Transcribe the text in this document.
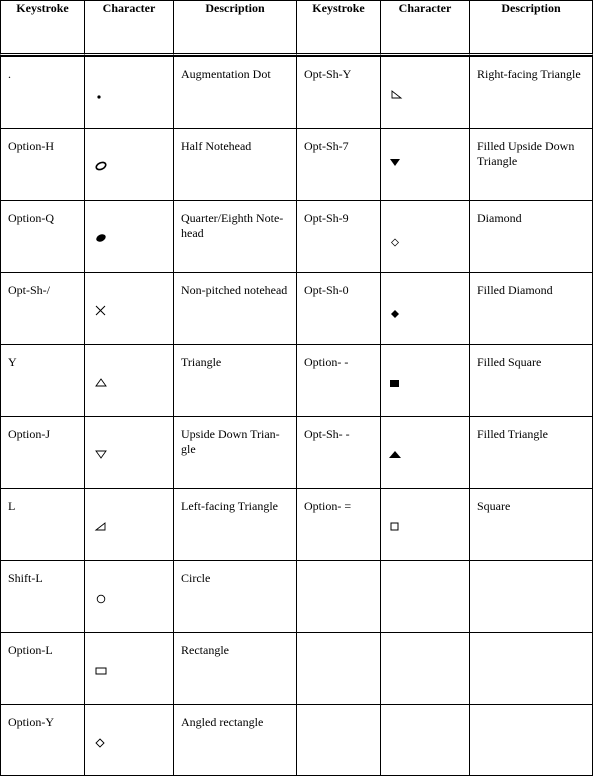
Keystroke	Character	Description	Keystroke	Character	Description

.		Augmentation Dot	Opt-Sh-Y		Right-facing Triangle

Option-H		Half Notehead	Opt-Sh-7		Filled Upside Down Triangle

Option-Q		Quarter/Eighth Note-head	Opt-Sh-9		Diamond

Opt-Sh-/		Non-pitched notehead	Opt-Sh-0		Filled Diamond

Y		Triangle	Option- -		Filled Square

Option-J		Upside Down Trian-gle	Opt-Sh- -		Filled Triangle

L		Left-facing Triangle	Option- =		Square

Shift-L		Circle			

Option-L		Rectangle			

Option-Y		Angled rectangle			
